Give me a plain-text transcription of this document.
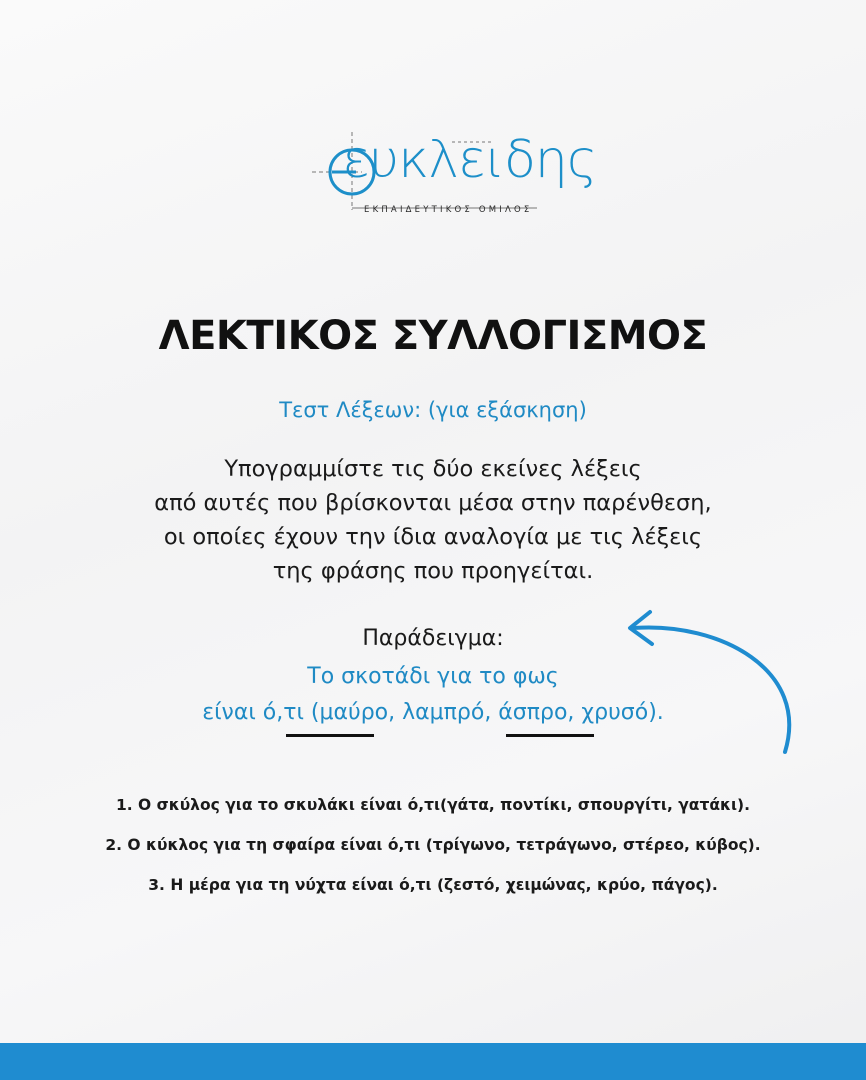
ευκλειδης
ΕΚΠΑΙΔΕΥΤΙΚΟΣ ΟΜΙΛΟΣ
ΛΕΚΤΙΚΟΣ ΣΥΛΛΟΓΙΣΜΟΣ
Τεστ Λέξεων: (για εξάσκηση)
Υπογραμμίστε τις δύο εκείνες λέξεις
από αυτές που βρίσκονται μέσα στην παρένθεση,
οι οποίες έχουν την ίδια αναλογία με τις λέξεις
της φράσης που προηγείται.
Παράδειγμα:
Το σκοτάδι για το φως
είναι ό,τι (μαύρο, λαμπρό, άσπρο, χρυσό).
1. Ο σκύλος για το σκυλάκι είναι ό,τι(γάτα, ποντίκι, σπουργίτι, γατάκι).
2. Ο κύκλος για τη σφαίρα είναι ό,τι (τρίγωνο, τετράγωνο, στέρεο, κύβος).
3. Η μέρα για τη νύχτα είναι ό,τι (ζεστό, χειμώνας, κρύο, πάγος).
